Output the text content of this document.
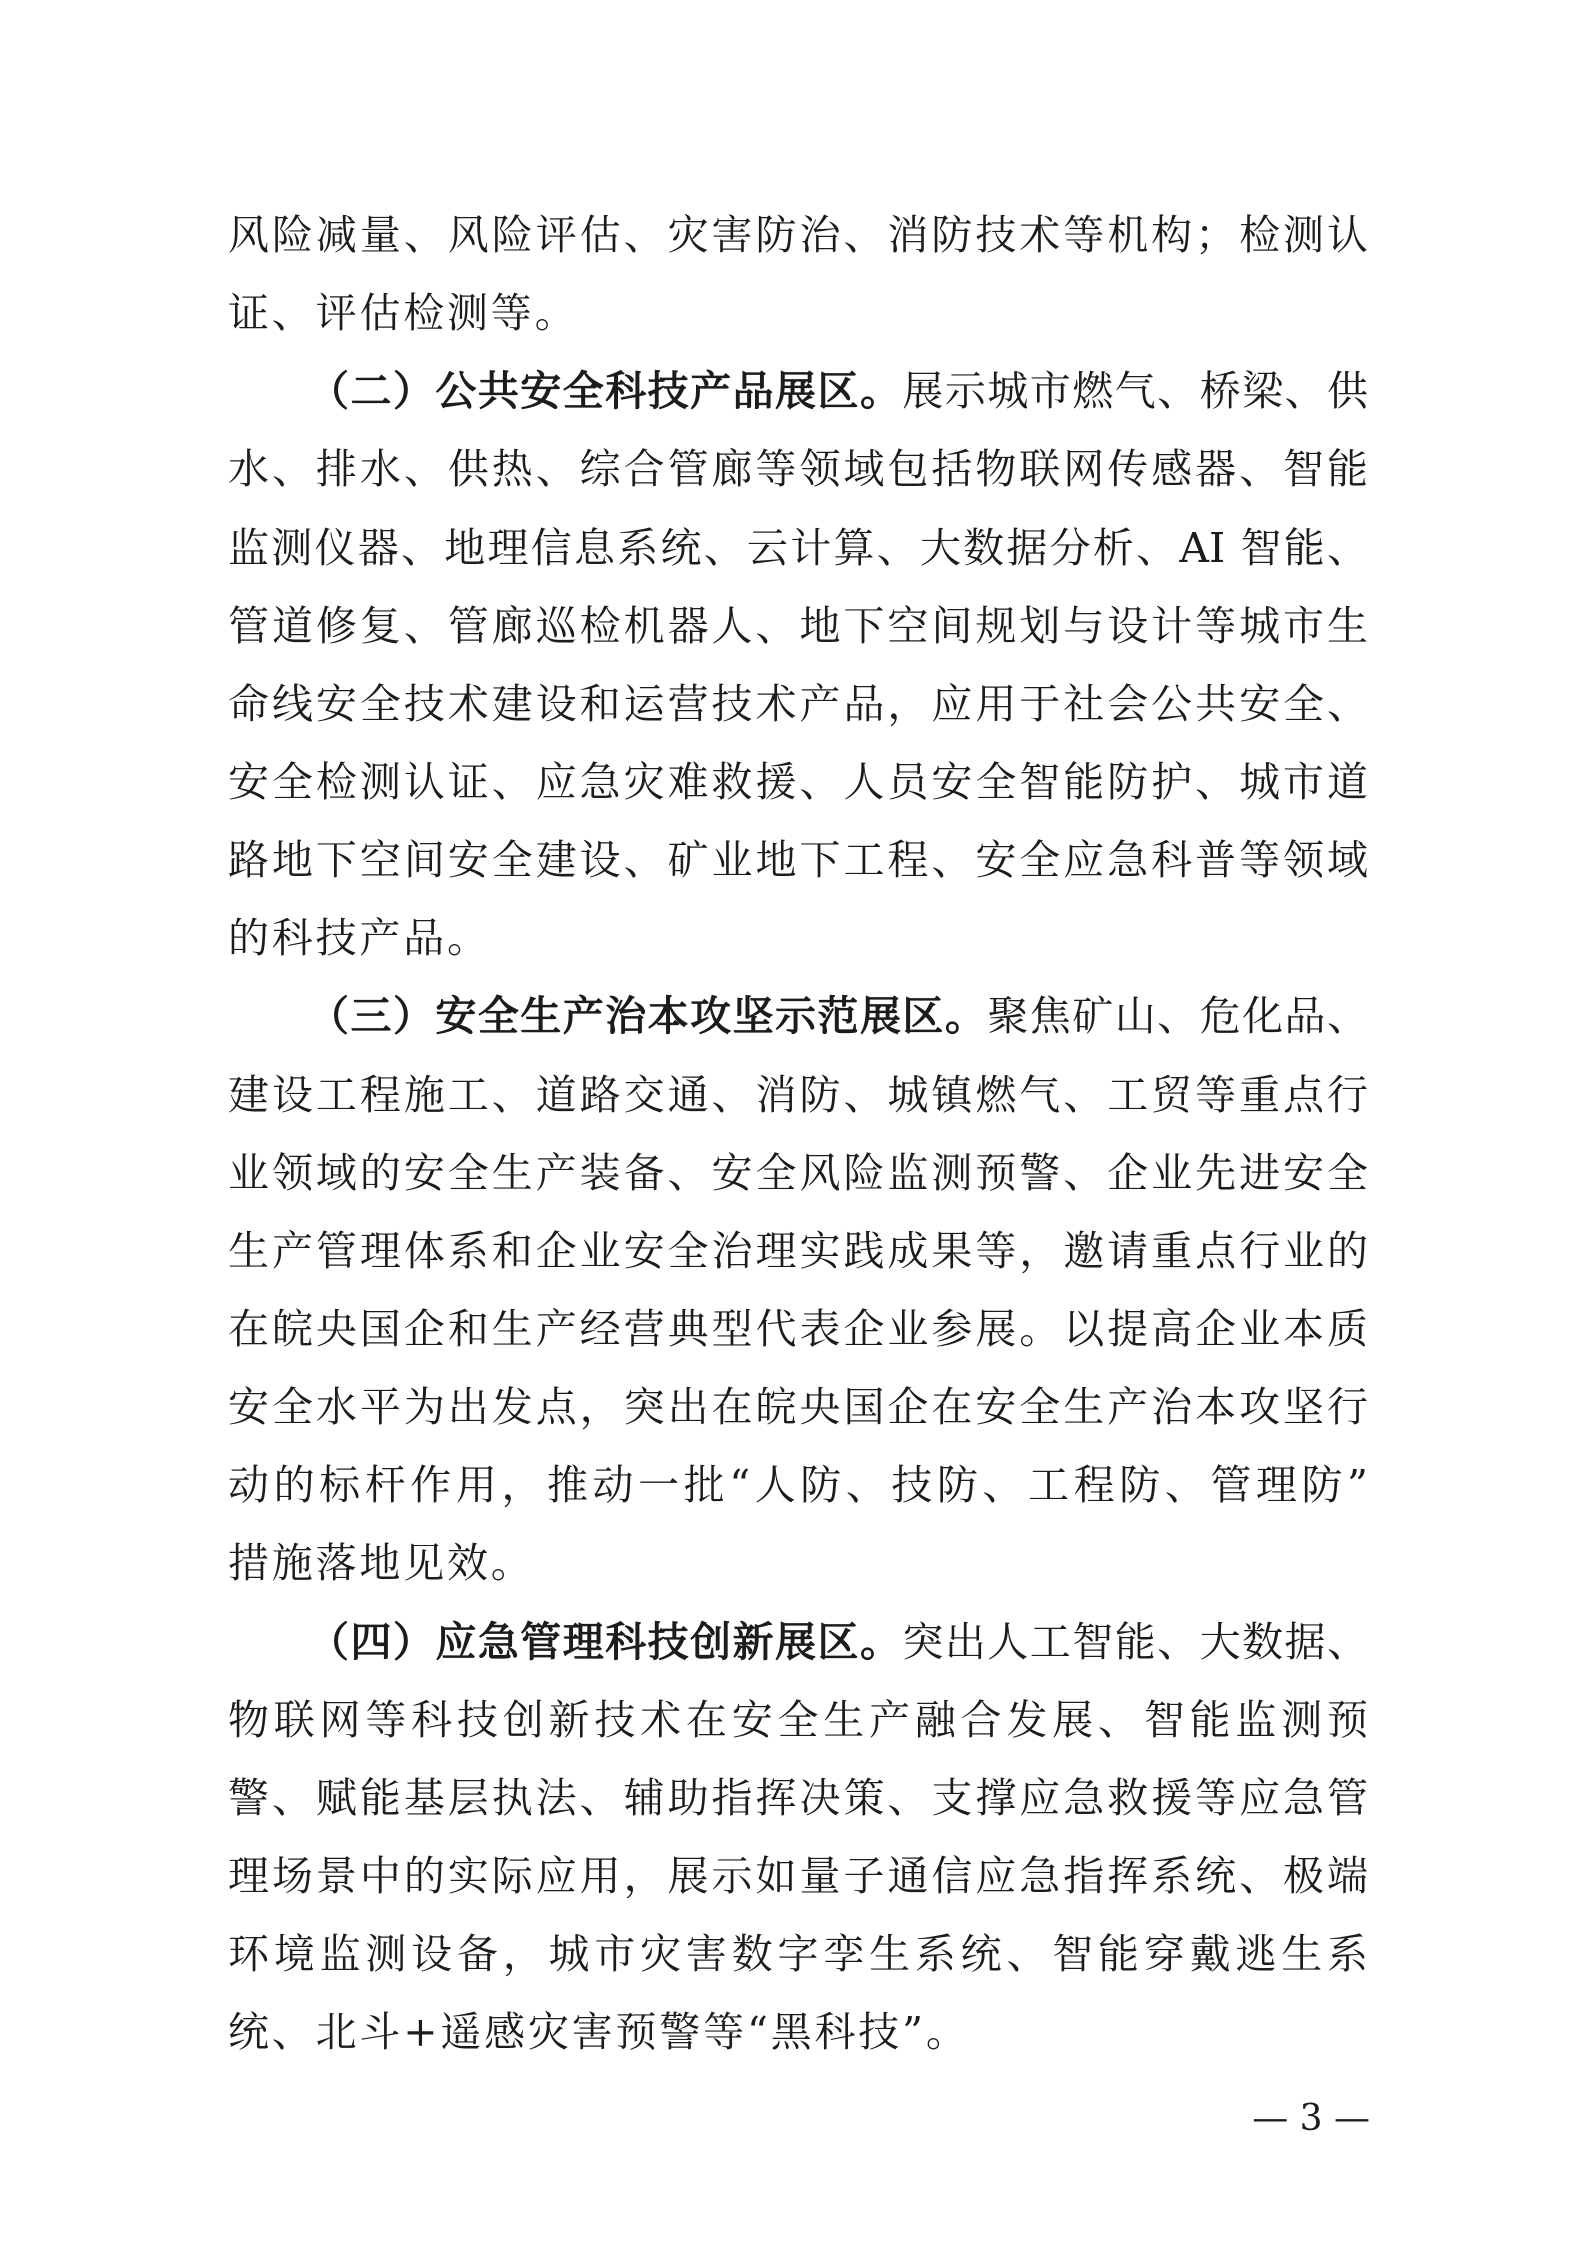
风险减量、风险评估、灾害防治、消防技术等机构；检测认
证、评估检测等。
（二）公共安全科技产品展区。展示城市燃气、桥梁、供
水、排水、供热、综合管廊等领域包括物联网传感器、智能
监测仪器、地理信息系统、云计算、大数据分析、AI 智能、
管道修复、管廊巡检机器人、地下空间规划与设计等城市生
命线安全技术建设和运营技术产品，应用于社会公共安全、
安全检测认证、应急灾难救援、人员安全智能防护、城市道
路地下空间安全建设、矿业地下工程、安全应急科普等领域
的科技产品。
（三）安全生产治本攻坚示范展区。聚焦矿山、危化品、
建设工程施工、道路交通、消防、城镇燃气、工贸等重点行
业领域的安全生产装备、安全风险监测预警、企业先进安全
生产管理体系和企业安全治理实践成果等，邀请重点行业的
在皖央国企和生产经营典型代表企业参展。以提高企业本质
安全水平为出发点，突出在皖央国企在安全生产治本攻坚行
动的标杆作用，推动一批“人防、技防、工程防、管理防”
措施落地见效。
（四）应急管理科技创新展区。突出人工智能、大数据、
物联网等科技创新技术在安全生产融合发展、智能监测预
警、赋能基层执法、辅助指挥决策、支撑应急救援等应急管
理场景中的实际应用，展示如量子通信应急指挥系统、极端
环境监测设备，城市灾害数字孪生系统、智能穿戴逃生系
统、北斗+遥感灾害预警等“黑科技”。
— 3 —
